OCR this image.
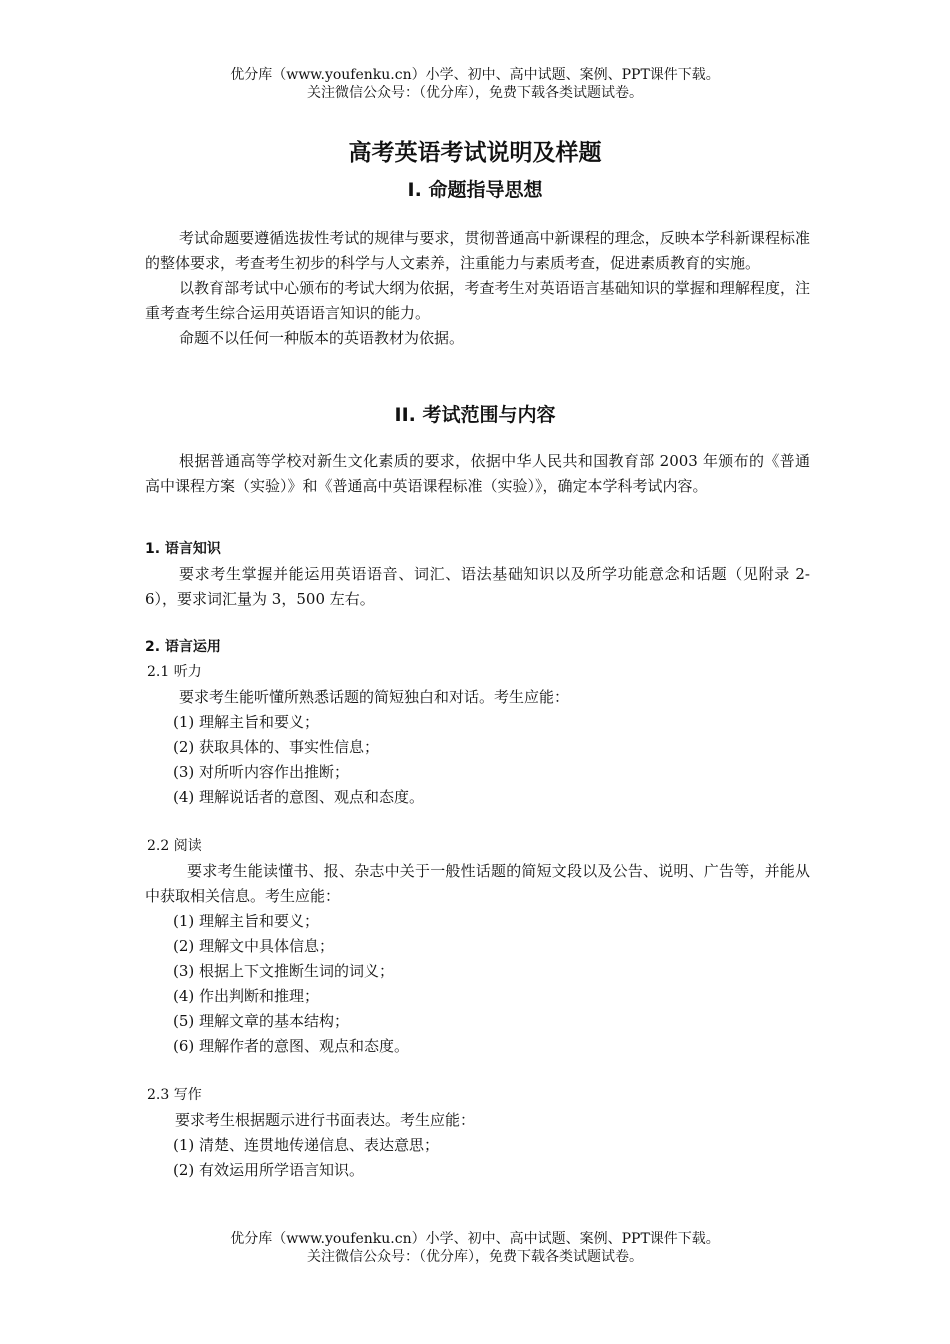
优分库（www.youfenku.cn）小学、初中、高中试题、案例、PPT课件下载。
关注微信公众号：（优分库），免费下载各类试题试卷。
高考英语考试说明及样题
I. 命题指导思想

考试命题要遵循选拔性考试的规律与要求，贯彻普通高中新课程的理念，反映本学科新课程标准的整体要求，考查考生初步的科学与人文素养，注重能力与素质考查，促进素质教育的实施。

以教育部考试中心颁布的考试大纲为依据，考查考生对英语语言基础知识的掌握和理解程度，注重考查考生综合运用英语语言知识的能力。

命题不以任何一种版本的英语教材为依据。

II. 考试范围与内容

根据普通高等学校对新生文化素质的要求，依据中华人民共和国教育部 2003 年颁布的《普通高中课程方案（实验）》和《普通高中英语课程标准（实验）》，确定本学科考试内容。

1. 语言知识

要求考生掌握并能运用英语语音、词汇、语法基础知识以及所学功能意念和话题（见附录 2-6），要求词汇量为 3，500 左右。

2. 语言运用
2.1 听力
要求考生能听懂所熟悉话题的简短独白和对话。考生应能：
(1) 理解主旨和要义；
(2) 获取具体的、事实性信息；
(3) 对所听内容作出推断；
(4) 理解说话者的意图、观点和态度。
2.2 阅读

要求考生能读懂书、报、杂志中关于一般性话题的简短文段以及公告、说明、广告等，并能从中获取相关信息。考生应能：

(1) 理解主旨和要义；
(2) 理解文中具体信息；
(3) 根据上下文推断生词的词义；
(4) 作出判断和推理；
(5) 理解文章的基本结构；
(6) 理解作者的意图、观点和态度。
2.3 写作
要求考生根据题示进行书面表达。考生应能：
(1) 清楚、连贯地传递信息、表达意思；
(2) 有效运用所学语言知识。
优分库（www.youfenku.cn）小学、初中、高中试题、案例、PPT课件下载。
关注微信公众号：（优分库），免费下载各类试题试卷。
